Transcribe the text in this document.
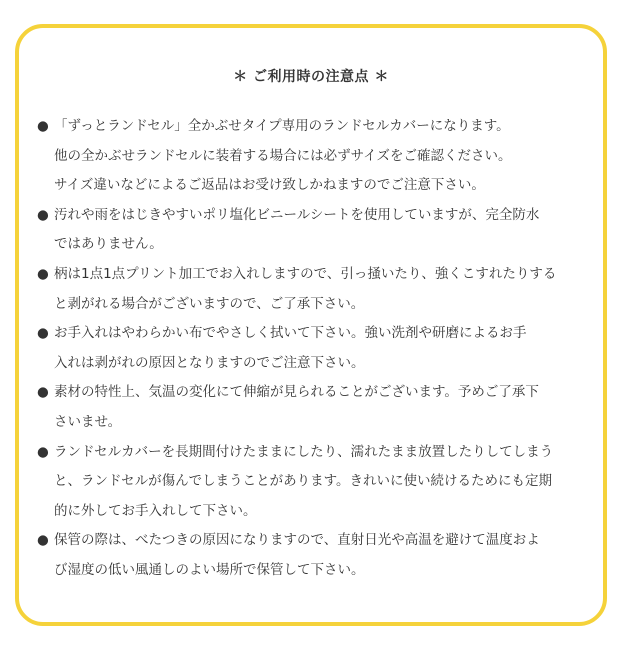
＊ ご利用時の注意点 ＊
● 「ずっとランドセル」全かぶせタイプ専用のランドセルカバーになります。
他の全かぶせランドセルに装着する場合には必ずサイズをご確認ください。
サイズ違いなどによるご返品はお受け致しかねますのでご注意下さい。
● 汚れや雨をはじきやすいポリ塩化ビニールシートを使用していますが、完全防水
ではありません。
● 柄は1点1点プリント加工でお入れしますので、引っ掻いたり、強くこすれたりする
と剥がれる場合がございますので、ご了承下さい。
● お手入れはやわらかい布でやさしく拭いて下さい。強い洗剤や研磨によるお手
入れは剥がれの原因となりますのでご注意下さい。
● 素材の特性上、気温の変化にて伸縮が見られることがございます。予めご了承下
さいませ。
● ランドセルカバーを長期間付けたままにしたり、濡れたまま放置したりしてしまう
と、ランドセルが傷んでしまうことがあります。きれいに使い続けるためにも定期
的に外してお手入れして下さい。
● 保管の際は、べたつきの原因になりますので、直射日光や高温を避けて温度およ
び湿度の低い風通しのよい場所で保管して下さい。
